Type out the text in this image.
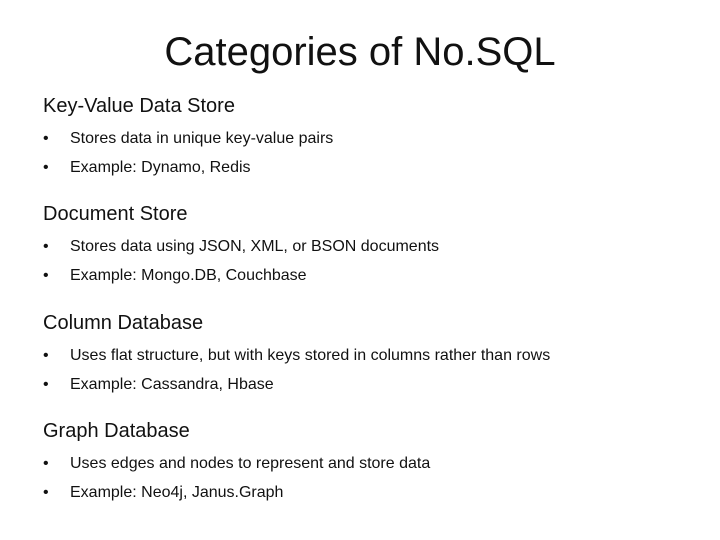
Categories of No.SQL
Key-Value Data Store
• Stores data in unique key-value pairs
• Example: Dynamo, Redis
Document Store
• Stores data using JSON, XML, or BSON documents
• Example: Mongo.DB, Couchbase
Column Database
• Uses flat structure, but with keys stored in columns rather than rows
• Example: Cassandra, Hbase
Graph Database
• Uses edges and nodes to represent and store data
• Example: Neo4j, Janus.Graph
